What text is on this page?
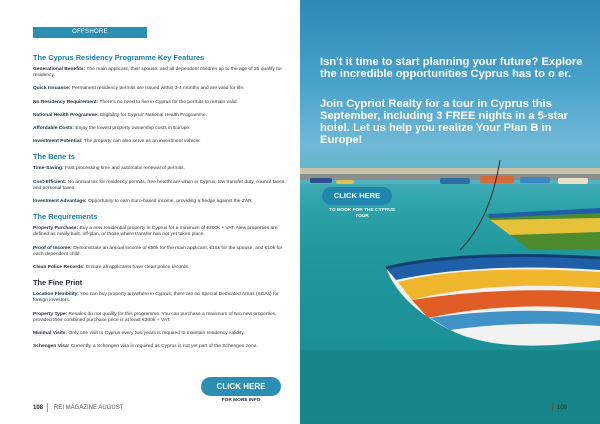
OFFSHORE
The Cyprus Residency Programme Key Features
Generational Benefits: The main applicant, their spouse, and all dependent children up to the age of 25 qualify for residency.
Quick Issuance: Permanent residency permits are issued within 3-4 months and are valid for life.
No Residency Requirement: There's no need to live in Cyprus for the permits to remain valid.
National Health Programme: Eligibility for Cyprus' National Health Programme.
Affordable Costs: Enjoy the lowest property ownership costs in Europe.
Investment Potential: The property can also serve as an investment vehicle.
The Bene ts
Time-Saving: Fast processing time and automatic renewal of permits.
Cost-Efficient: No annual tax for residency permits, free healthcare when in Cyprus, low transfer duty, council taxes, and personal taxes.
Investment Advantage: Opportunity to earn Euro-based income, providing a hedge against the ZAR.
The Requirements
Property Purchase: Buy a new residential property in Cyprus for a minimum of €300k + VAT. New properties are defined as newly built, off-plan, or those where transfer has not yet taken place.
Proof of Income: Demonstrate an annual income of €50k for the main applicant, €15k for the spouse, and €10k for each dependent child.
Clean Police Records: Ensure all applicants have clean police records.
The Fine Print
Location Flexibility: You can buy property anywhere in Cyprus; there are no Special Dedicated Areas (SDAs) for foreign investors.
Property Type: Resales do not qualify for this programme. You can purchase a maximum of two new properties, provided their combined purchase price is at least €300k + VAT.
Minimal Visits: Only one visit to Cyprus every two years is required to maintain residency validity.
Schengen Visa: Currently, a Schengen visa is required as Cyprus is not yet part of the Schengen zone.
CLICK HERE
FOR MORE INFO
108 REI MAGAZINE AUGUST
Isn't it time to start planning your future? Explore the incredible opportunities Cyprus has to o er.
Join Cypriot Realty for a tour in Cyprus this September, including 3 FREE nights in a 5-star hotel. Let us help you realize Your Plan B in Europe!
109
CLICK HERE
TO BOOK FOR THE CYPRUS TOUR
